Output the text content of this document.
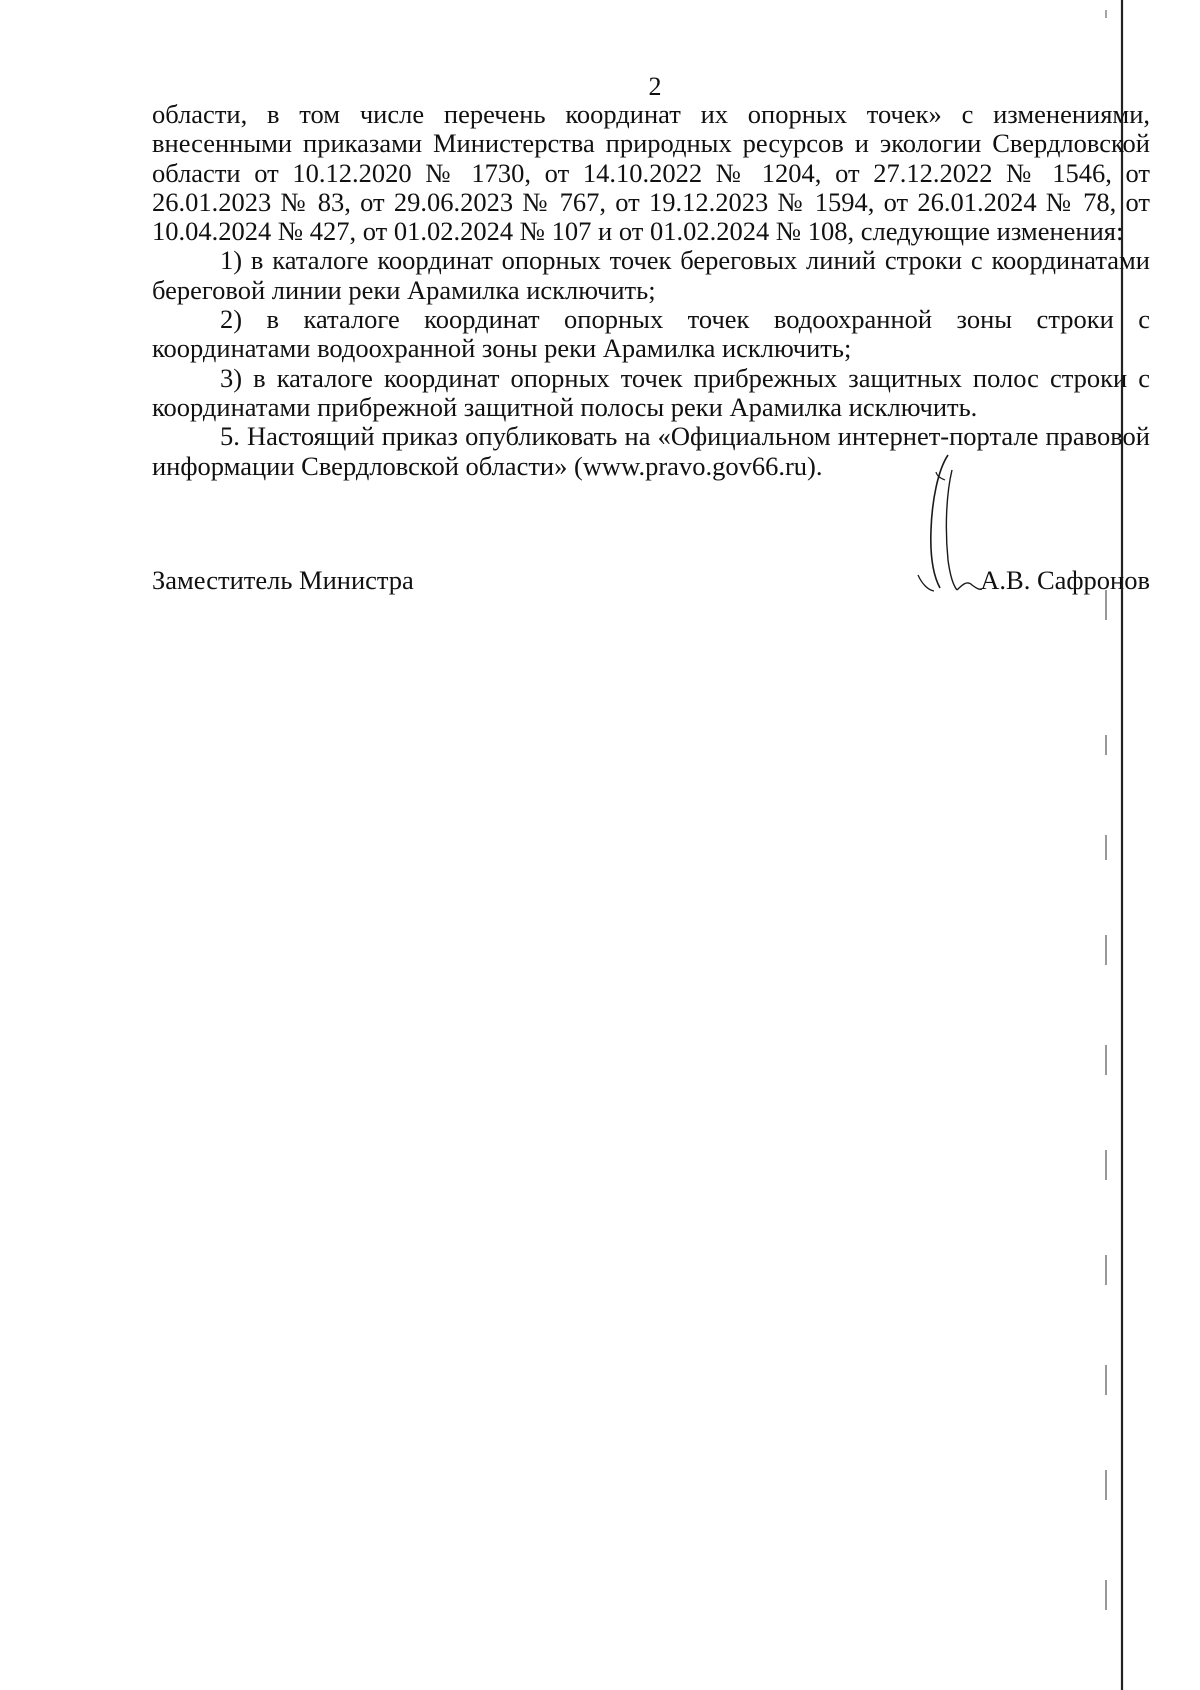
2

области, в том числе перечень координат их опорных точек» с изменениями, внесенными приказами Министерства природных ресурсов и экологии Свердловской области от 10.12.2020 № 1730, от 14.10.2022 № 1204, от 27.12.2022 № 1546, от 26.01.2023 № 83, от 29.06.2023 № 767, от 19.12.2023 № 1594, от 26.01.2024 № 78, от 10.04.2024 № 427, от 01.02.2024 № 107 и от 01.02.2024 № 108, следующие изменения:

1) в каталоге координат опорных точек береговых линий строки с координатами береговой линии реки Арамилка исключить;

2) в каталоге координат опорных точек водоохранной зоны строки с координатами водоохранной зоны реки Арамилка исключить;

3) в каталоге координат опорных точек прибрежных защитных полос строки с координатами прибрежной защитной полосы реки Арамилка исключить.

5. Настоящий приказ опубликовать на «Официальном интернет-портале правовой информации Свердловской области» (www.pravo.gov66.ru).

Заместитель Министра	А.В. Сафронов
